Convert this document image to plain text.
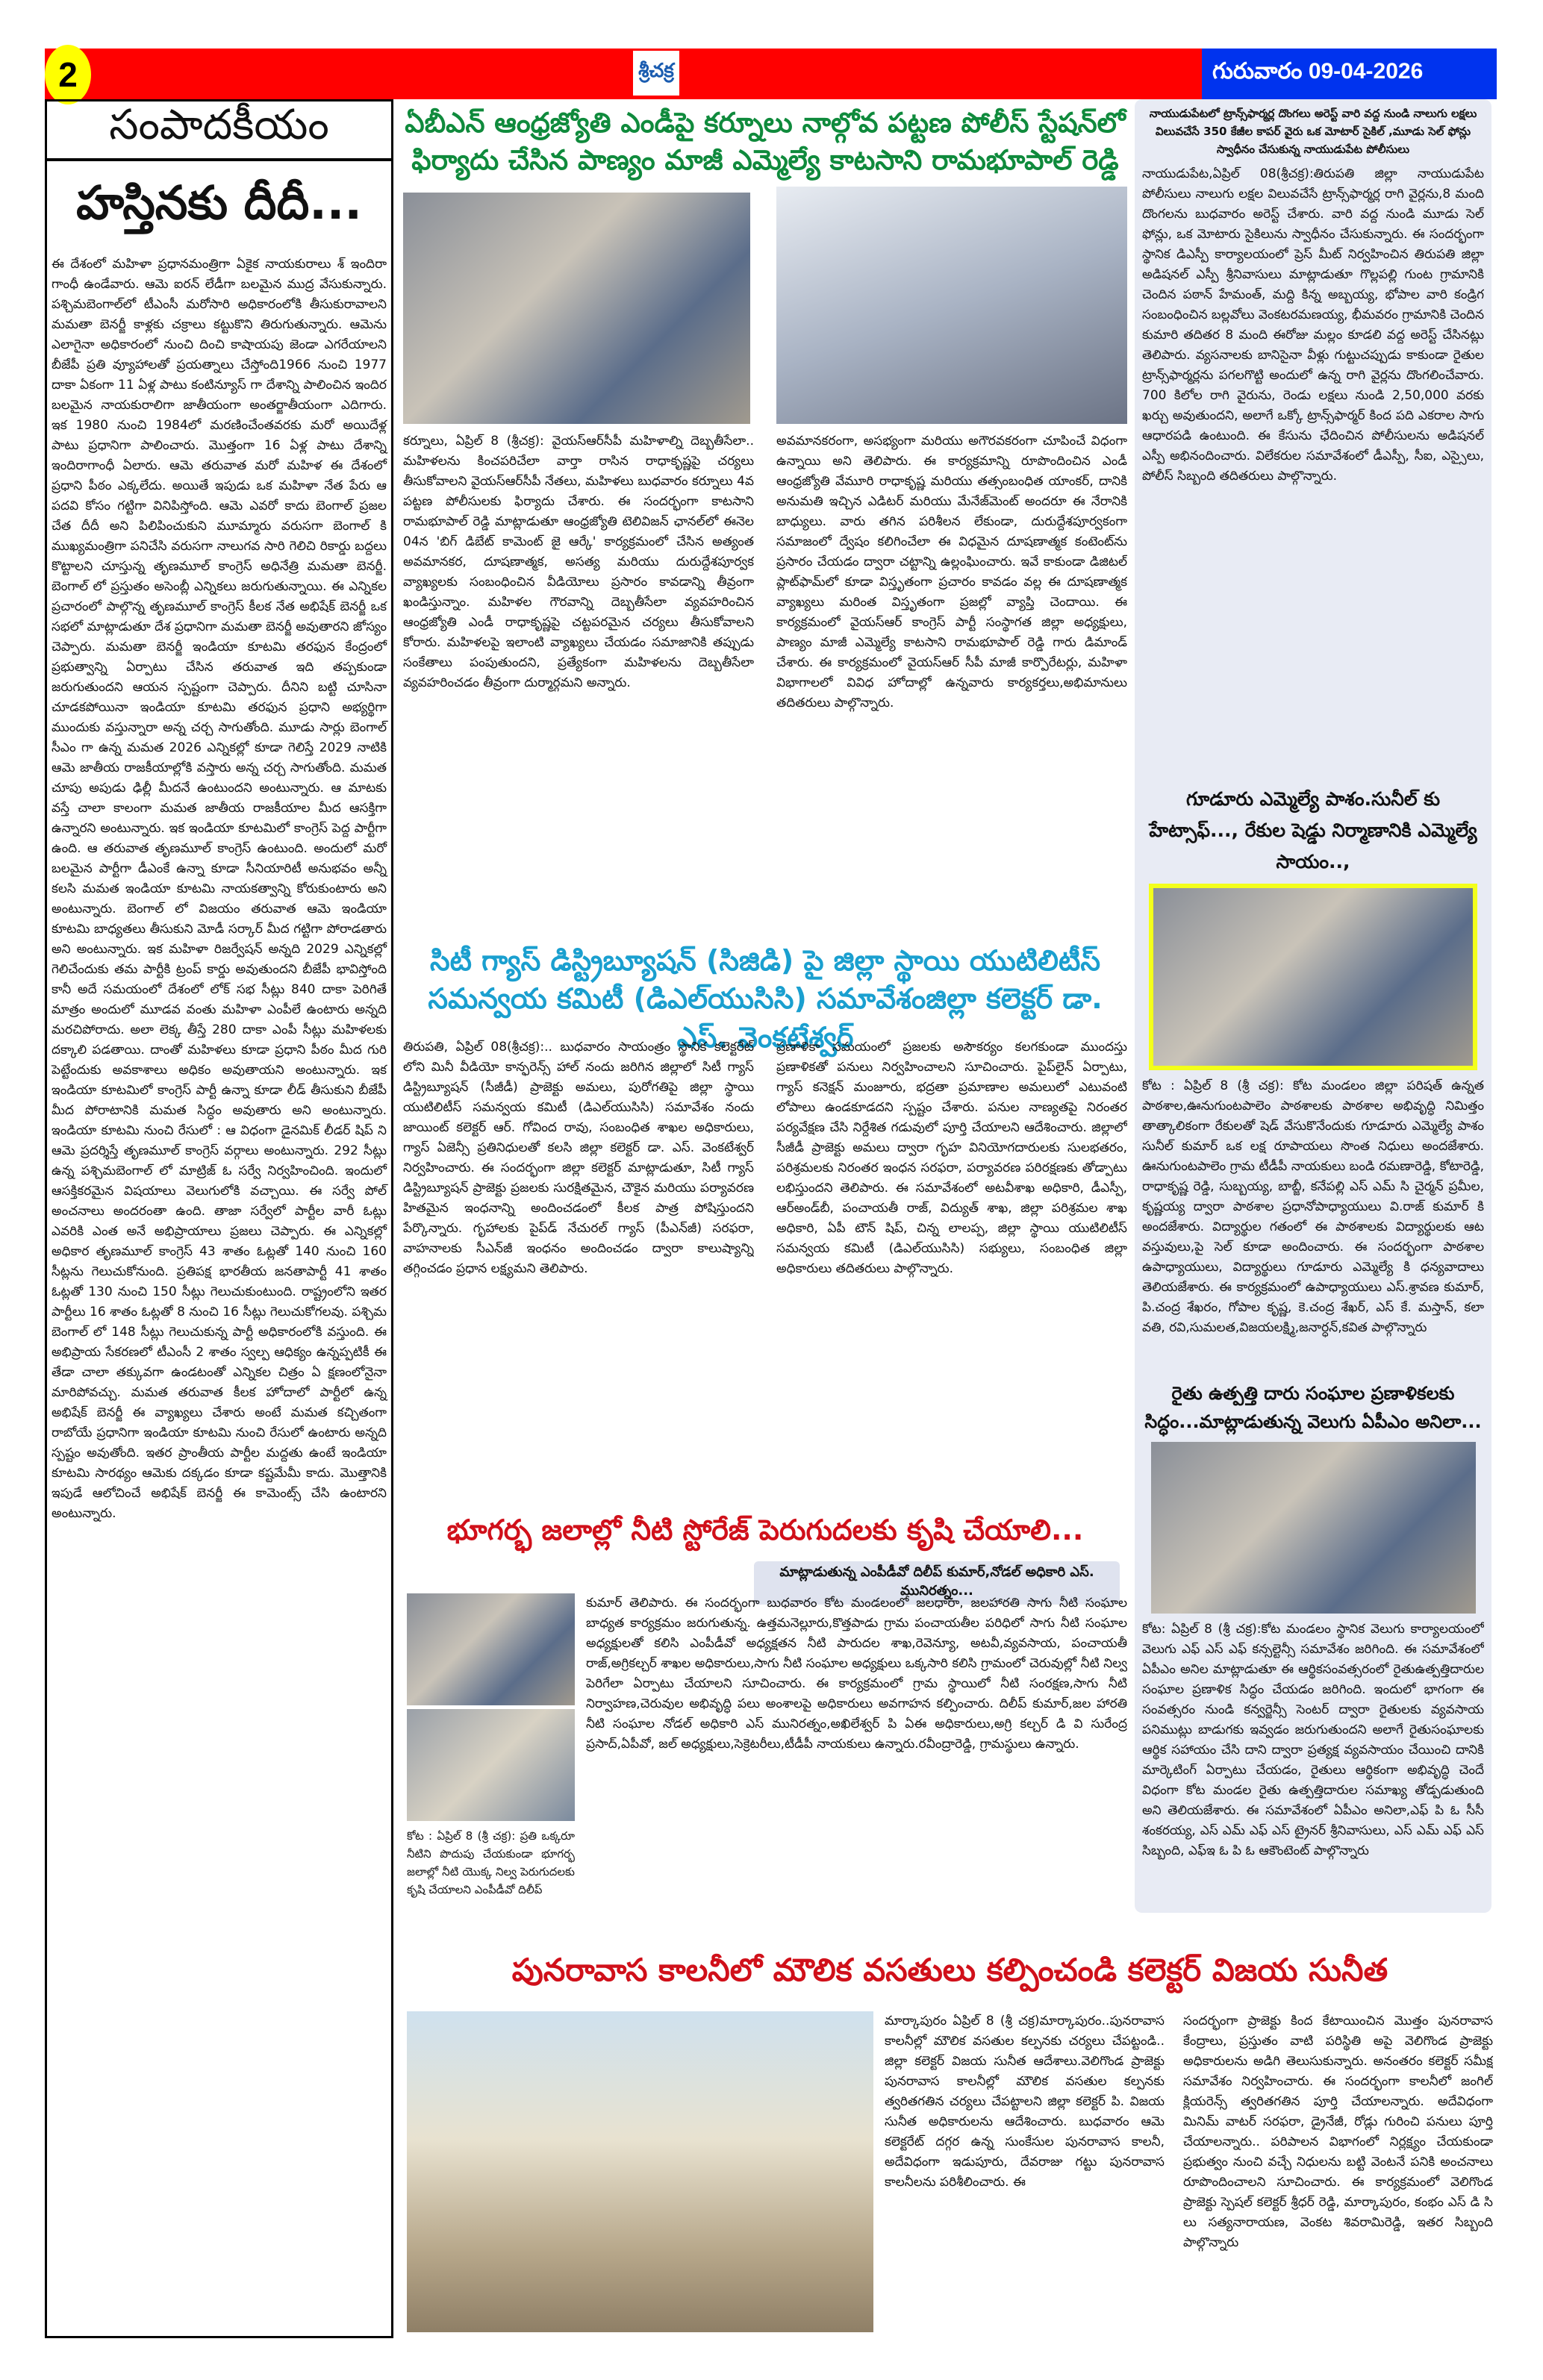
2	శ్రీచక్ర	గురువారం 09-04-2026
సంపాదకీయం
హస్తినకు దీదీ...
ఈ దేశంలో మహిళా ప్రధానమంత్రిగా ఏకైక నాయకురాలు శ్ ఇందిరా గాంధీ ఉండేవారు. ఆమె ఐరన్ లేడీగా బలమైన ముద్ర వేసుకున్నారు. పశ్చిమబెంగాల్‌లో టీఎంసీ మరోసారి అధికారంలోకి తీసుకురావాలని మమతా బెనర్జీ కాళ్లకు చక్రాలు కట్టుకొని తిరుగుతున్నారు. ఆమెను ఎలాగైనా అధికారంలో నుంచి దించి కాషాయపు జెండా ఎగరేయాలని బీజేపీ ప్రతి వ్యూహాలతో ప్రయత్నాలు చేస్తోంది1966 నుంచి 1977 దాకా ఏకంగా 11 ఏళ్ల పాటు కంటిన్యూస్ గా దేశాన్ని పాలించిన ఇందిర బలమైన నాయకురాలిగా జాతీయంగా అంతర్జాతీయంగా ఎదిగారు. ఇక 1980 నుంచి 1984లో మరణించేంతవరకు మరో అయిదేళ్ల పాటు ప్రధానిగా పాలించారు. మొత్తంగా 16 ఏళ్ల పాటు దేశాన్ని ఇందిరాగాంధీ ఏలారు. ఆమె తరువాత మరో మహిళ ఈ దేశంలో ప్రధాని పీఠం ఎక్కలేదు. అయితే ఇపుడు ఒక మహిళా నేత పేరు ఆ పదవి కోసం గట్టిగా వినిపిస్తోంది. ఆమె ఎవరో కాదు బెంగాల్ ప్రజల చేత దీదీ అని పిలిపించుకుని మూమ్మారు వరుసగా బెంగాల్ కి ముఖ్యమంత్రిగా పనిచేసి వరుసగా నాలుగవ సారి గెలిచి రికార్డు బద్దలు కొట్టాలని చూస్తున్న తృణమూల్ కాంగ్రెస్ అధినేత్రి మమతా బెనర్జీ. బెంగాల్ లో ప్రస్తుతం అసెంబ్లీ ఎన్నికలు జరుగుతున్నాయి. ఈ ఎన్నికల ప్రచారంలో పాల్గొన్న తృణమూల్ కాంగ్రెస్ కీలక నేత అభిషేక్ బెనర్జీ ఒక సభలో మాట్లాడుతూ దేశ ప్రధానిగా మమతా బెనర్జీ అవుతారని జోస్యం చెప్పారు. మమతా బెనర్జీ ఇండియా కూటమి తరఫున కేంద్రంలో ప్రభుత్వాన్ని ఏర్పాటు చేసిన తరువాత ఇది తప్పకుండా జరుగుతుందని ఆయన స్పష్టంగా చెప్పారు. దీనిని బట్టి చూసినా చూడకపోయినా ఇండియా కూటమి తరఫున ప్రధాని అభ్యర్థిగా ముందుకు వస్తున్నారా అన్న చర్చ సాగుతోంది. మూడు సార్లు బెంగాల్ సీఎం గా ఉన్న మమత 2026 ఎన్నికల్లో కూడా గెలిస్తే 2029 నాటికి ఆమె జాతీయ రాజకీయాల్లోకి వస్తారు అన్న చర్చ సాగుతోంది. మమత చూపు అపుడు ఢిల్లీ మీదనే ఉంటుందని అంటున్నారు. ఆ మాటకు వస్తే చాలా కాలంగా మమత జాతీయ రాజకీయాల మీద ఆసక్తిగా ఉన్నారని అంటున్నారు. ఇక ఇండియా కూటమిలో కాంగ్రెస్ పెద్ద పార్టీగా ఉంది. ఆ తరువాత తృణమూల్ కాంగ్రెస్ ఉంటుంది. అందులో మరో బలమైన పార్టీగా డీఎంకే ఉన్నా కూడా సీనియారిటీ అనుభవం అన్నీ కలసి మమత ఇండియా కూటమి నాయకత్వాన్ని కోరుకుంటారు అని అంటున్నారు. బెంగాల్ లో విజయం తరువాత ఆమె ఇండియా కూటమి బాధ్యతలు తీసుకుని మోడీ సర్కార్ మీద గట్టిగా పోరాడతారు అని అంటున్నారు. ఇక మహిళా రిజర్వేషన్ అన్నది 2029 ఎన్నికల్లో గెలిచేందుకు తమ పార్టీకి ట్రంప్ కార్డు అవుతుందని బీజేపీ భావిస్తోంది కానీ అదే సమయంలో దేశంలో లోక్ సభ సీట్లు 840 దాకా పెరిగితే మాత్రం అందులో మూడవ వంతు మహిళా ఎంపీలే ఉంటారు అన్నది మరచిపోరాదు. అలా లెక్క తీస్తే 280 దాకా ఎంపీ సీట్లు మహిళలకు దక్కాలి పడతాయి. దాంతో మహిళలు కూడా ప్రధాని పీఠం మీద గురి పెట్టేందుకు అవకాశాలు అధికం అవుతాయని అంటున్నారు. ఇక ఇండియా కూటమిలో కాంగ్రెస్ పార్టీ ఉన్నా కూడా లీడ్ తీసుకుని బీజేపీ మీద పోరాటానికి మమత సిద్ధం అవుతారు అని అంటున్నారు. ఇండియా కూటమి నుంచి రేసులో : ఆ విధంగా డైనమిక్ లీడర్ షిప్ ని ఆమె ప్రదర్శిస్తే తృణమూల్ కాంగ్రెస్ వర్గాలు అంటున్నారు. 292 సీట్లు ఉన్న పశ్చిమబెంగాల్ లో మాట్రిజ్ ఓ సర్వే నిర్వహించింది. ఇందులో ఆసక్తికరమైన విషయాలు వెలుగులోకి వచ్చాయి. ఈ సర్వే పోల్ అంచనాలు అందరంతా ఉంది. తాజా సర్వేలో పార్టీల వారీ ఓట్లు ఎవరికి ఎంత అనే అభిప్రాయాలు ప్రజలు చెప్పారు. ఈ ఎన్నికల్లో అధికార తృణమూల్ కాంగ్రెస్ 43 శాతం ఓట్లతో 140 నుంచి 160 సీట్లను గెలుచుకోనుంది. ప్రతిపక్ష భారతీయ జనతాపార్టీ 41 శాతం ఓట్లతో 130 నుంచి 150 సీట్లు గెలుచుకుంటుంది. రాష్ట్రంలోని ఇతర పార్టీలు 16 శాతం ఓట్లతో 8 నుంచి 16 సీట్లు గెలుచుకోగలవు. పశ్చిమ బెంగాల్ లో 148 సీట్లు గెలుచుకున్న పార్టీ అధికారంలోకి వస్తుంది. ఈ అభిప్రాయ సేకరణలో టీఎంసీ 2 శాతం స్వల్ప ఆధిక్యం ఉన్నప్పటికీ ఈ తేడా చాలా తక్కువగా ఉండటంతో ఎన్నికల చిత్రం ఏ క్షణంలోనైనా మారిపోవచ్చు. మమత తరువాత కీలక హోదాలో పార్టీలో ఉన్న అభిషేక్ బెనర్జీ ఈ వ్యాఖ్యలు చేశారు అంటే మమత కచ్చితంగా రాబోయే ప్రధానిగా ఇండియా కూటమి నుంచి రేసులో ఉంటారు అన్నది స్పష్టం అవుతోంది. ఇతర ప్రాంతీయ పార్టీల మద్దతు ఉంటే ఇండియా కూటమి సారథ్యం ఆమెకు దక్కడం కూడా కష్టమేమీ కాదు. మొత్తానికి ఇపుడే ఆలోచించే అభిషేక్ బెనర్జీ ఈ కామెంట్స్ చేసి ఉంటారని అంటున్నారు.
ఏబీఎన్ ఆంధ్రజ్యోతి ఎండీపై కర్నూలు నాల్గోవ పట్టణ పోలీస్ స్టేషన్‌లో ఫిర్యాదు చేసిన పాణ్యం మాజీ ఎమ్మెల్యే కాటసాని రామభూపాల్ రెడ్డి
కర్నూలు, ఏప్రిల్ 8 (శ్రీచక్ర): వైయస్ఆర్‌సీపీ మహిళాల్ని దెబ్బతీసేలా.. మహిళలను కించపరిచేలా వార్తా రాసిన రాధాకృష్ణపై చర్యలు తీసుకోవాలని వైయస్ఆర్‌సీపీ నేతలు, మహిళలు బుధవారం కర్నూలు 4వ పట్టణ పోలీసులకు ఫిర్యాదు చేశారు. ఈ సందర్భంగా కాటసాని రామభూపాల్ రెడ్డి మాట్లాడుతూ ఆంధ్రజ్యోతి టెలివిజన్ ఛానల్‌లో ఈనెల 04న 'బిగ్ డిబేట్ కామెంట్ జై ఆర్కే' కార్యక్రమంలో చేసిన అత్యంత అవమానకర, దూషణాత్మక, అసత్య మరియు దురుద్దేశపూర్వక వ్యాఖ్యలకు సంబంధించిన వీడియోలు ప్రసారం కావడాన్ని తీవ్రంగా ఖండిస్తున్నాం. మహిళల గౌరవాన్ని దెబ్బతీసేలా వ్యవహరించిన ఆంధ్రజ్యోతి ఎండీ రాధాకృష్ణపై చట్టపరమైన చర్యలు తీసుకోవాలని కోరారు. మహిళలపై ఇలాంటి వ్యాఖ్యలు చేయడం సమాజానికి తప్పుడు సంకేతాలు పంపుతుందని, ప్రత్యేకంగా మహిళలను దెబ్బతీసేలా వ్యవహరించడం తీవ్రంగా దుర్మార్గమని అన్నారు.
అవమానకరంగా, అసభ్యంగా మరియు అగౌరవకరంగా చూపించే విధంగా ఉన్నాయి అని తెలిపారు. ఈ కార్యక్రమాన్ని రూపొందించిన ఎండీ ఆంధ్రజ్యోతి వేమూరి రాధాకృష్ణ మరియు తత్సంబంధిత యాంకర్, దానికి అనుమతి ఇచ్చిన ఎడిటర్ మరియు మేనేజ్‌మెంట్ అందరూ ఈ నేరానికి బాధ్యులు. వారు తగిన పరిశీలన లేకుండా, దురుద్దేశపూర్వకంగా సమాజంలో ద్వేషం కలిగించేలా ఈ విధమైన దూషణాత్మక కంటెంట్‌ను ప్రసారం చేయడం ద్వారా చట్టాన్ని ఉల్లంఘించారు. ఇవే కాకుండా డిజిటల్ ప్లాట్‌ఫామ్‌లో కూడా విస్తృతంగా ప్రచారం కావడం వల్ల ఈ దూషణాత్మక వ్యాఖ్యలు మరింత విస్తృతంగా ప్రజల్లో వ్యాప్తి చెందాయి. ఈ కార్యక్రమంలో వైయస్ఆర్ కాంగ్రెస్ పార్టీ సంస్థాగత జిల్లా అధ్యక్షులు, పాణ్యం మాజీ ఎమ్మెల్యే కాటసాని రామభూపాల్ రెడ్డి గారు డిమాండ్ చేశారు. ఈ కార్యక్రమంలో వైయస్ఆర్ సీపీ మాజీ కార్పొరేటర్లు, మహిళా విభాగాలలో వివిధ హోదాల్లో ఉన్నవారు కార్యకర్తలు,అభిమానులు తదితరులు పాల్గొన్నారు.
సిటీ గ్యాస్ డిస్ట్రిబ్యూషన్ (సిజిడి) పై జిల్లా స్థాయి యుటిలిటీస్ సమన్వయ కమిటీ (డిఎల్‌యుసిసి) సమావేశంజిల్లా కలెక్టర్ డా. ఎస్. వెంకటేశ్వర్
తిరుపతి, ఏప్రిల్ 08(శ్రీచక్ర):.. బుధవారం సాయంత్రం స్థానిక కలెక్టరేట్ లోని మినీ వీడియో కాన్ఫరెన్స్ హాల్ నందు జరిగిన జిల్లాలో సిటీ గ్యాస్ డిస్ట్రిబ్యూషన్ (సీజీడీ) ప్రాజెక్టు అమలు, పురోగతిపై జిల్లా స్థాయి యుటిలిటీస్ సమన్వయ కమిటీ (డిఎల్‌యుసిసి) సమావేశం నందు జాయింట్ కలెక్టర్ ఆర్. గోవింద రావు, సంబంధిత శాఖల అధికారులు, గ్యాస్ ఏజెన్సీ ప్రతినిధులతో కలసి జిల్లా కలెక్టర్ డా. ఎస్. వెంకటేశ్వర్ నిర్వహించారు. ఈ సందర్భంగా జిల్లా కలెక్టర్ మాట్లాడుతూ, సిటీ గ్యాస్ డిస్ట్రిబ్యూషన్ ప్రాజెక్టు ప్రజలకు సురక్షితమైన, చౌకైన మరియు పర్యావరణ హితమైన ఇంధనాన్ని అందించడంలో కీలక పాత్ర పోషిస్తుందని పేర్కొన్నారు. గృహాలకు పైప్‌డ్ నేచురల్ గ్యాస్ (పీఎన్‌జీ) సరఫరా, వాహనాలకు సీఎన్‌జీ ఇంధనం అందించడం ద్వారా కాలుష్యాన్ని తగ్గించడం ప్రధాన లక్ష్యమని తెలిపారు.
ప్రణాళికా సమయంలో ప్రజలకు అసౌకర్యం కలగకుండా ముందస్తు ప్రణాళికతో పనులు నిర్వహించాలని సూచించారు. పైప్‌లైన్ ఏర్పాటు, గ్యాస్ కనెక్షన్ మంజూరు, భద్రతా ప్రమాణాల అమలులో ఎటువంటి లోపాలు ఉండకూడదని స్పష్టం చేశారు. పనుల నాణ్యతపై నిరంతర పర్యవేక్షణ చేసి నిర్దేశిత గడువులో పూర్తి చేయాలని ఆదేశించారు. జిల్లాలో సీజీడీ ప్రాజెక్టు అమలు ద్వారా గృహ వినియోగదారులకు సులభతరం, పరిశ్రమలకు నిరంతర ఇంధన సరఫరా, పర్యావరణ పరిరక్షణకు తోడ్పాటు లభిస్తుందని తెలిపారు. ఈ సమావేశంలో అటవీశాఖ అధికారి, డీఎస్పీ, ఆర్అండ్‌బీ, పంచాయతీ రాజ్, విద్యుత్ శాఖ, జిల్లా పరిశ్రమల శాఖ అధికారి, ఏపీ టౌన్ షిప్, చిన్న లాలప్ప, జిల్లా స్థాయి యుటిలిటీస్ సమన్వయ కమిటీ (డిఎల్‌యుసిసి) సభ్యులు, సంబంధిత జిల్లా అధికారులు తదితరులు పాల్గొన్నారు.
భూగర్భ జలాల్లో నీటి స్టోరేజ్ పెరుగుదలకు కృషి చేయాలి...
మాట్లాడుతున్న ఎంపీడీవో దిలీప్ కుమార్,నోడల్ అధికారి ఎస్. మునిరత్నం...
కోట : ఏప్రిల్ 8 (శ్రీ చక్ర): ప్రతి ఒక్కరూ నీటిని పొదుపు చేయకుండా భూగర్భ జలాల్లో నీటి యొక్క నిల్వ పెరుగుదలకు కృషి చేయాలని ఎంపీడీవో దిలీప్
కుమార్ తెలిపారు. ఈ సందర్భంగా బుధవారం కోట మండలంలో జలధారా, జలహారతి సాగు నీటి సంఘాల బాధ్యత కార్యక్రమం జరుగుతున్న. ఉత్తమనెల్లూరు,కొత్తపాడు గ్రామ పంచాయతీల పరిధిలో సాగు నీటి సంఘాల అధ్యక్షులతో కలిసి ఎంపీడీవో అధ్యక్షతన నీటి పారుదల శాఖ,రెవెన్యూ, అటవీ,వ్యవసాయ, పంచాయతీ రాజ్,అగ్రికల్చర్ శాఖల అధికారులు,సాగు నీటి సంఘాల అధ్యక్షులు ఒక్కసారి కలిసి గ్రామంలో చెరువుల్లో నీటి నిల్వ పెరిగేలా ఏర్పాటు చేయాలని సూచించారు. ఈ కార్యక్రమంలో గ్రామ స్థాయిలో నీటి సంరక్షణ,సాగు నీటి నిర్వాహణ,చెరువుల అభివృద్ధి పలు అంశాలపై అధికారులు అవగాహన కల్పించారు. దిలీప్ కుమార్,జల హారతి నీటి సంఘాల నోడల్ అధికారి ఎస్ మునిరత్నం,అఖిలేశ్వర్ పి ఏఈ అధికారులు,అగ్రి కల్చర్ డి వి సురేంద్ర ప్రసాద్,ఏపీవో, జల్ అధ్యక్షులు,సెక్రెటరీలు,టీడీపీ నాయకులు ఉన్నారు.రవీంద్రారెడ్డి, గ్రామస్థులు ఉన్నారు.
నాయుడుపేటలో ట్రాన్స్‌ఫార్మర్ల దొంగలు అరెస్ట్ వారి వద్ద నుండి నాలుగు లక్షలు విలువచేసే 350 కేజీల కాపర్ వైరు ఒక మోటార్ సైకిల్ ,మూడు సెల్ ఫోన్లు స్వాధీనం చేసుకున్న నాయుడుపేట పోలీసులు
నాయుడుపేట,ఏప్రిల్ 08(శ్రీచక్ర):తిరుపతి జిల్లా నాయుడుపేట పోలీసులు నాలుగు లక్షల విలువచేసే ట్రాన్స్‌ఫార్మర్ల రాగి వైర్లను,8 మంది దొంగలను బుధవారం అరెస్ట్ చేశారు. వారి వద్ద నుండి మూడు సెల్ ఫోన్లు, ఒక మోటారు సైకిలును స్వాధీనం చేసుకున్నారు. ఈ సందర్భంగా స్థానిక డిఎస్పీ కార్యాలయంలో ప్రెస్ మీట్ నిర్వహించిన తిరుపతి జిల్లా అడిషనల్ ఎస్పీ శ్రీనివాసులు మాట్లాడుతూ గొల్లపల్లి గుంట గ్రామానికి చెందిన పఠాన్ హేమంత్, మద్ది కిన్న అబ్బయ్య, భోపాల వారి కండ్రిగ సంబంధించిన బల్లవోలు వెంకటరమణయ్య, భీమవరం గ్రామానికి చెందిన కుమారి తదితర 8 మంది ఈరోజు మల్లం కూడలి వద్ద అరెస్ట్ చేసినట్లు తెలిపారు. వ్యసనాలకు బానిసైనా వీళ్లు గుట్టుచప్పుడు కాకుండా రైతుల ట్రాన్స్‌ఫార్మర్లను పగలగొట్టి అందులో ఉన్న రాగి వైర్లను దొంగలించేవారు. 700 కిలోల రాగి వైరును, రెండు లక్షలు నుండి 2,50,000 వరకు ఖర్చు అవుతుందని, అలాగే ఒక్కో ట్రాన్స్‌ఫార్మర్ కింద పది ఎకరాల సాగు ఆధారపడి ఉంటుంది. ఈ కేసును ఛేదించిన పోలీసులను అడిషనల్ ఎస్పీ అభినందించారు. విలేకరుల సమావేశంలో డీఎస్పీ, సీఐ, ఎస్సైలు, పోలీస్ సిబ్బంది తదితరులు పాల్గొన్నారు.
గూడూరు ఎమ్మెల్యే పాశం.సునీల్ కు హేట్సాఫ్..., రేకుల షెడ్డు నిర్మాణానికి ఎమ్మెల్యే సాయం..,
కోట : ఏప్రిల్ 8 (శ్రీ చక్ర): కోట మండలం జిల్లా పరిషత్ ఉన్నత పాఠశాల,ఊనుగుంటపాలెం పాఠశాలకు పాఠశాల అభివృద్ధి నిమిత్తం తాత్కాలికంగా రేకులతో షెడ్ వేసుకొనేందుకు గూడూరు ఎమ్మెల్యే పాశం సునీల్ కుమార్ ఒక లక్ష రూపాయలు సొంత నిధులు అందజేశారు. ఊనుగుంటపాలెం గ్రామ టీడీపీ నాయకులు బండి రమణారెడ్డి, కోటారెడ్డి, రాధాకృష్ణ రెడ్డి, సుబ్బయ్య, బాబ్జీ, కనేపల్లి ఎస్ ఎమ్ సి చైర్మన్ ప్రమీల, కృష్ణయ్య ద్వారా పాఠశాల ప్రధానోపాధ్యాయులు వి.రాజ్ కుమార్ కి అందజేశారు. విద్యార్థుల గతంలో ఈ పాఠశాలకు విద్యార్థులకు ఆట వస్తువులు,పై సెల్ కూడా అందించారు. ఈ సందర్భంగా పాఠశాల ఉపాధ్యాయులు, విద్యార్థులు గూడూరు ఎమ్మెల్యే కి ధన్యవాదాలు తెలియజేశారు. ఈ కార్యక్రమంలో ఉపాధ్యాయులు ఎస్.శ్రావణ కుమార్, పి.చంద్ర శేఖరం, గోపాల కృష్ణ, కె.చంద్ర శేఖర్, ఎస్ కే. మస్తాన్, కలా వతి, రవి,సుమలత,విజయలక్ష్మి,జనార్ధన్,కవిత పాల్గొన్నారు
రైతు ఉత్పత్తి దారు సంఘాల ప్రణాళికలకు సిద్ధం...మాట్లాడుతున్న వెలుగు ఏపీఎం అనిలా...
కోట: ఏప్రిల్ 8 (శ్రీ చక్ర):కోట మండలం స్థానిక వెలుగు కార్యాలయంలో వెలుగు ఎఫ్ ఎస్ ఎఫ్ కన్సల్టెన్సీ సమావేశం జరిగింది. ఈ సమావేశంలో ఏపీఎం అనిల మాట్లాడుతూ ఈ ఆర్థికసంవత్సరంలో రైతుఉత్పత్తిదారుల సంఘాల ప్రణాళిక సిద్ధం చేయడం జరిగింది. ఇందులో భాగంగా ఈ సంవత్సరం నుండి కన్వర్జెన్సీ సెంటర్ ద్వారా రైతులకు వ్యవసాయ పనిముట్లు బాడుగకు ఇవ్వడం జరుగుతుందని అలాగే రైతుసంఘాలకు ఆర్థిక సహాయం చేసి దాని ద్వారా ప్రత్యక్ష వ్యవసాయం చేయించి దానికి మార్కెటింగ్ ఏర్పాటు చేయడం, రైతులు ఆర్థికంగా అభివృద్ధి చెందే విధంగా కోట మండల రైతు ఉత్పత్తిదారుల సమాఖ్య తోడ్పడుతుంది అని తెలియజేశారు. ఈ సమావేశంలో ఏపీఎం అనిలా,ఎఫ్ పి ఓ సీసీ శంకరయ్య, ఎస్ ఎమ్ ఎఫ్ ఎస్ ట్రైనర్ శ్రీనివాసులు, ఎస్ ఎమ్ ఎఫ్ ఎస్ సిబ్బంది, ఎఫ్ఇ ఓ పి ఓ ఆకౌంటెంట్ పాల్గొన్నారు
పునరావాస కాలనీలో మౌలిక వసతులు కల్పించండి కలెక్టర్ విజయ సునీత
మార్కాపురం ఏప్రిల్ 8 (శ్రీ చక్ర)మార్కాపురం..పునరావాస కాలనీల్లో మౌలిక వసతుల కల్పనకు చర్యలు చేపట్టండి.. జిల్లా కలెక్టర్ విజయ సునీత ఆదేశాలు.వెలిగొండ ప్రాజెక్టు పునరావాస కాలనీల్లో మౌలిక వసతుల కల్పనకు త్వరితగతిన చర్యలు చేపట్టాలని జిల్లా కలెక్టర్ పి. విజయ సునీత అధికారులను ఆదేశించారు. బుధవారం ఆమె కలెక్టరేట్ దగ్గర ఉన్న సుంకేసుల పునరావాస కాలనీ, అదేవిధంగా ఇడుపూరు, దేవరాజు గట్టు పునరావాస కాలనీలను పరిశీలించారు. ఈ
సందర్భంగా ప్రాజెక్టు కింద కేటాయించిన మొత్తం పునరావాస కేంద్రాలు, ప్రస్తుతం వాటి పరిస్థితి అపై వెలిగొండ ప్రాజెక్టు అధికారులను అడిగి తెలుసుకున్నారు. అనంతరం కలెక్టర్ సమీక్ష సమావేశం నిర్వహించారు. ఈ సందర్భంగా కాలనీలో జంగిల్ క్లియరెన్స్ త్వరితగతిన పూర్తి చేయాలన్నారు. అదేవిధంగా మినిమ్ వాటర్ సరఫరా, డ్రైనేజీ, రోడ్లు గురించి పనులు పూర్తి చేయాలన్నారు.. పరిపాలన విభాగంలో నిర్లక్ష్యం చేయకుండా ప్రభుత్వం నుంచి వచ్చే నిధులను బట్టి వెంటనే పనికి అంచనాలు రూపొందించాలని సూచించారు. ఈ కార్యక్రమంలో వెలిగొండ ప్రాజెక్టు స్పెషల్ కలెక్టర్ శ్రీధర్ రెడ్డి, మార్కాపురం, కంభం ఎస్ డి సి లు సత్యనారాయణ, వెంకట శివరామిరెడ్డి, ఇతర సిబ్బంది పాల్గొన్నారు
